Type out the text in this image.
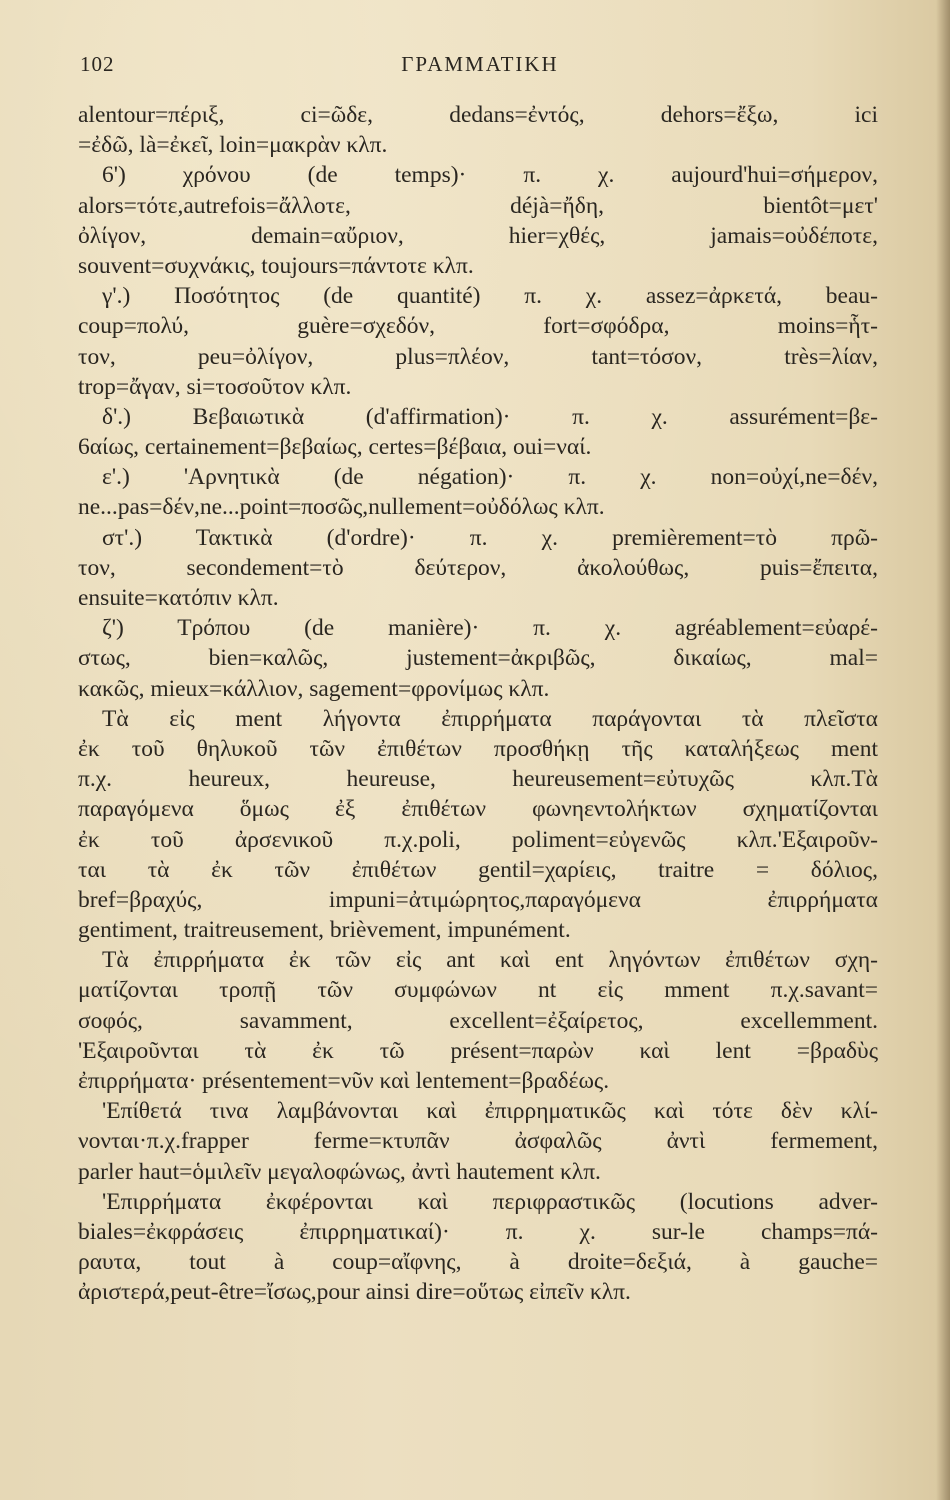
102	ΓΡΑΜΜΑΤΙΚΗ
alentour=πέριξ, ci=ῶδε, dedans=ἐντός, dehors=ἔξω, ici
=ἐδῶ, là=ἐκεῖ, loin=μακρὰν κλπ.
6') χρόνου (de temps)· π. χ. aujourd'hui=σήμερον,
alors=τότε,autrefois=ἄλλοτε, déjà=ἤδη, bientôt=μετ'
ὀλίγον, demain=αὔριον, hier=χθές, jamais=οὐδέποτε,
souvent=συχνάκις, toujours=πάντοτε κλπ.
γ'.) Ποσότητος (de quantité) π. χ. assez=ἀρκετά, beau-
coup=πολύ, guère=σχεδόν, fort=σφόδρα, moins=ἧτ-
τον, peu=ὀλίγον, plus=πλέον, tant=τόσον, très=λίαν,
trop=ἄγαν, si=τοσοῦτον κλπ.
δ'.) Βεβαιωτικὰ (d'affirmation)· π. χ. assurément=βε-
6αίως, certainement=βεβαίως, certes=βέβαια, oui=ναί.
ε'.) 'Αρνητικὰ (de négation)· π. χ. non=οὐχί,ne=δέν,
ne...pas=δέν,ne...point=ποσῶς,nullement=οὐδόλως κλπ.
στ'.) Τακτικὰ (d'ordre)· π. χ. premièrement=τὸ πρῶ-
τον, secondement=τὸ δεύτερον, ἀκολούθως, puis=ἔπειτα,
ensuite=κατόπιν κλπ.
ζ') Τρόπου (de manière)· π. χ. agréablement=εὐαρέ-
στως, bien=καλῶς, justement=ἀκριβῶς, δικαίως, mal=
κακῶς, mieux=κάλλιον, sagement=φρονίμως κλπ.
Τὰ εἰς ment λήγοντα ἐπιρρήματα παράγονται τὰ πλεῖστα
ἐκ τοῦ θηλυκοῦ τῶν ἐπιθέτων προσθήκῃ τῆς καταλήξεως ment
π.χ. heureux, heureuse, heureusement=εὐτυχῶς κλπ.Τὰ
παραγόμενα ὅμως ἐξ ἐπιθέτων φωνηεντολήκτων σχηματίζονται
ἐκ τοῦ ἀρσενικοῦ π.χ.poli, poliment=εὐγενῶς κλπ.'Εξαιροῦν-
ται τὰ ἐκ τῶν ἐπιθέτων gentil=χαρίεις, traitre = δόλιος,
bref=βραχύς, impuni=ἀτιμώρητος,παραγόμενα ἐπιρρήματα
gentiment, traitreusement, brièvement, impunément.
Τὰ ἐπιρρήματα ἐκ τῶν εἰς ant καὶ ent ληγόντων ἐπιθέτων σχη-
ματίζονται τροπῇ τῶν συμφώνων nt εἰς mment π.χ.savant=
σοφός, savamment, excellent=ἐξαίρετος, excellemment.
'Εξαιροῦνται τὰ ἐκ τῶ présent=παρὼν καὶ lent =βραδὺς
ἐπιρρήματα· présentement=νῦν καὶ lentement=βραδέως.
'Επίθετά τινα λαμβάνονται καὶ ἐπιρρηματικῶς καὶ τότε δὲν κλί-
νονται·π.χ.frapper ferme=κτυπᾶν ἀσφαλῶς ἀντὶ fermement,
parler haut=ὁμιλεῖν μεγαλοφώνως, ἀντὶ hautement κλπ.
'Επιρρήματα ἐκφέρονται καὶ περιφραστικῶς (locutions adver-
biales=ἐκφράσεις ἐπιρρηματικαί)· π. χ. sur-le champs=πά-
ραυτα, tout à coup=αἴφνης, à droite=δεξιά, à gauche=
ἀριστερά,peut-être=ἴσως,pour ainsi dire=οὕτως εἰπεῖν κλπ.
